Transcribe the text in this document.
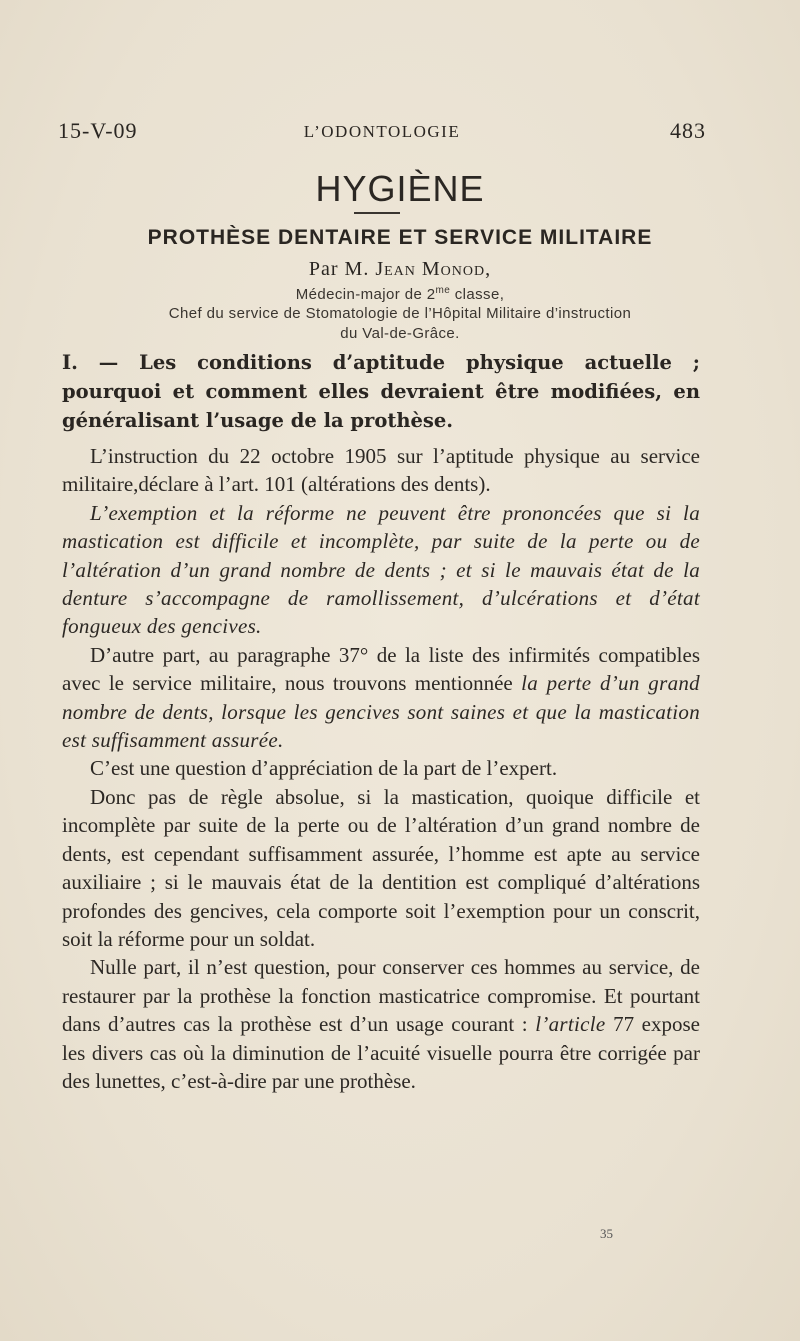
15-V-09	L’ODONTOLOGIE	483
HYGIÈNE
PROTHÈSE DENTAIRE ET SERVICE MILITAIRE
Par M. Jean Monod,
Médecin-major de $2^{me}$ classe,
Chef du service de Stomatologie de l’Hôpital Militaire d’instruction
du Val-de-Grâce.
I. — Les conditions d’aptitude physique actuelle ; pourquoi et comment elles devraient être modifiées, en généralisant l’usage de la prothèse.

L’instruction du 22 octobre 1905 sur l’aptitude physique au service militaire,déclare à l’art. 101 (altérations des dents).

L’exemption et la réforme ne peuvent être prononcées que si la mastication est difficile et incomplète, par suite de la perte ou de l’altération d’un grand nombre de dents ; et si le mauvais état de la denture s’accompagne de ramollissement, d’ulcérations et d’état fongueux des gencives.

D’autre part, au paragraphe 37° de la liste des infirmités compatibles avec le service militaire, nous trouvons mentionnée la perte d’un grand nombre de dents, lorsque les gencives sont saines et que la mastication est suffisamment assurée.

C’est une question d’appréciation de la part de l’expert.

Donc pas de règle absolue, si la mastication, quoique difficile et incomplète par suite de la perte ou de l’altération d’un grand nombre de dents, est cependant suffisamment assurée, l’homme est apte au service auxiliaire ; si le mauvais état de la dentition est compliqué d’altérations profondes des gencives, cela comporte soit l’exemption pour un conscrit, soit la réforme pour un soldat.

Nulle part, il n’est question, pour conserver ces hommes au service, de restaurer par la prothèse la fonction masticatrice compromise. Et pourtant dans d’autres cas la prothèse est d’un usage courant : l’article 77 expose les divers cas où la diminution de l’acuité visuelle pourra être corrigée par des lunettes, c’est-à-dire par une prothèse.

35
